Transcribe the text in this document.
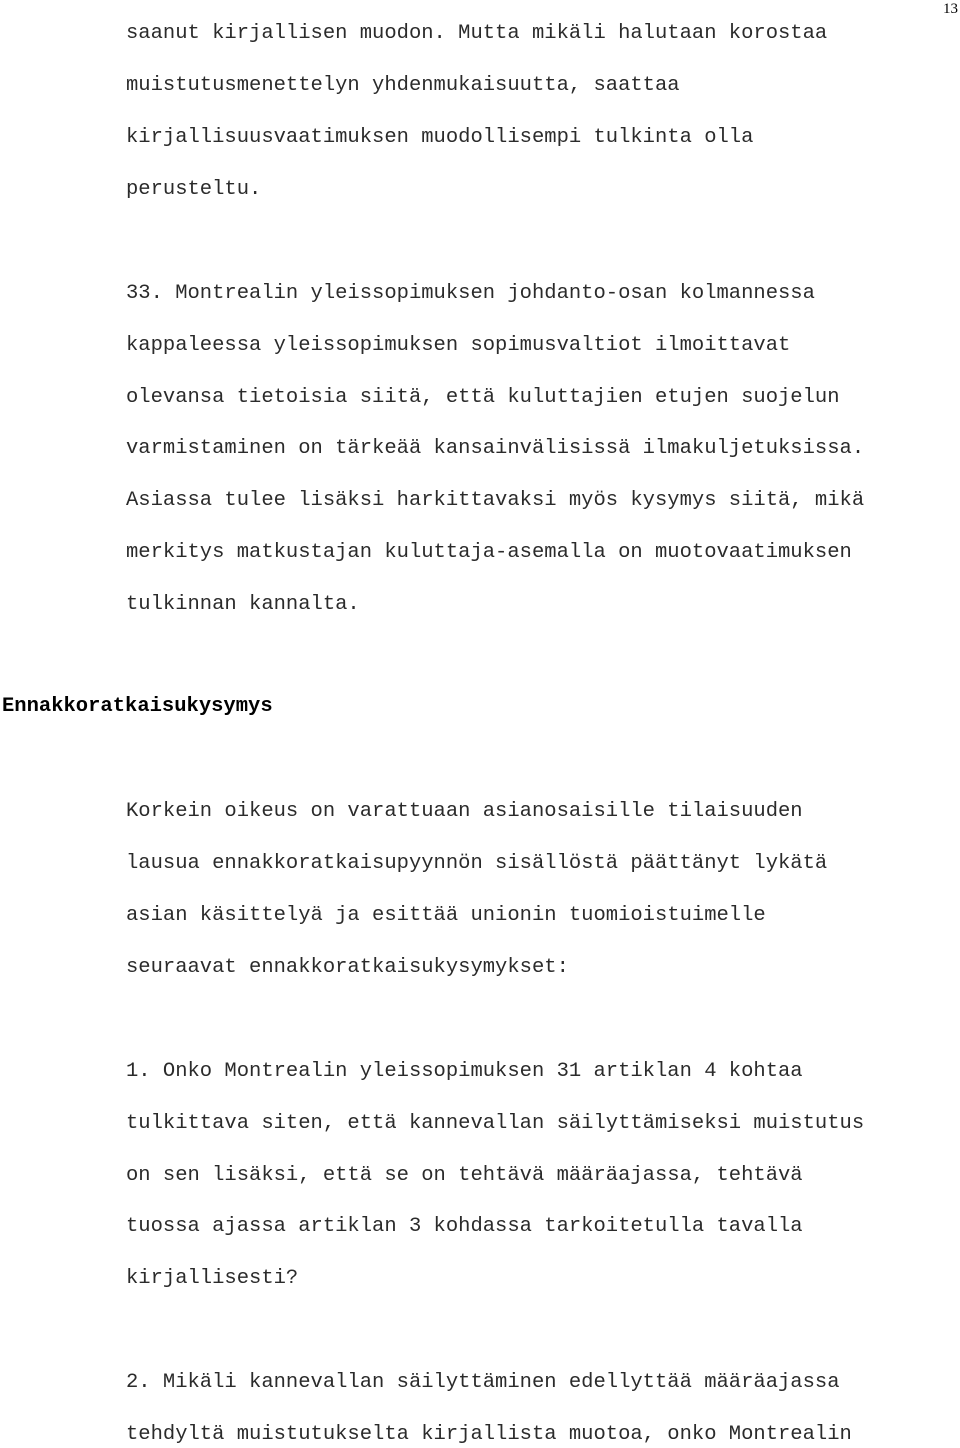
13
saanut kirjallisen muodon. Mutta mikäli halutaan korostaa
muistutusmenettelyn yhdenmukaisuutta, saattaa
kirjallisuusvaatimuksen muodollisempi tulkinta olla
perusteltu.
33. Montrealin yleissopimuksen johdanto-osan kolmannessa
kappaleessa yleissopimuksen sopimusvaltiot ilmoittavat
olevansa tietoisia siitä, että kuluttajien etujen suojelun
varmistaminen on tärkeää kansainvälisissä ilmakuljetuksissa.
Asiassa tulee lisäksi harkittavaksi myös kysymys siitä, mikä
merkitys matkustajan kuluttaja-asemalla on muotovaatimuksen
tulkinnan kannalta.
Ennakkoratkaisukysymys
Korkein oikeus on varattuaan asianosaisille tilaisuuden
lausua ennakkoratkaisupyynnön sisällöstä päättänyt lykätä
asian käsittelyä ja esittää unionin tuomioistuimelle
seuraavat ennakkoratkaisukysymykset:
1. Onko Montrealin yleissopimuksen 31 artiklan 4 kohtaa
tulkittava siten, että kannevallan säilyttämiseksi muistutus
on sen lisäksi, että se on tehtävä määräajassa, tehtävä
tuossa ajassa artiklan 3 kohdassa tarkoitetulla tavalla
kirjallisesti?
2. Mikäli kannevallan säilyttäminen edellyttää määräajassa
tehdyltä muistutukselta kirjallista muotoa, onko Montrealin
